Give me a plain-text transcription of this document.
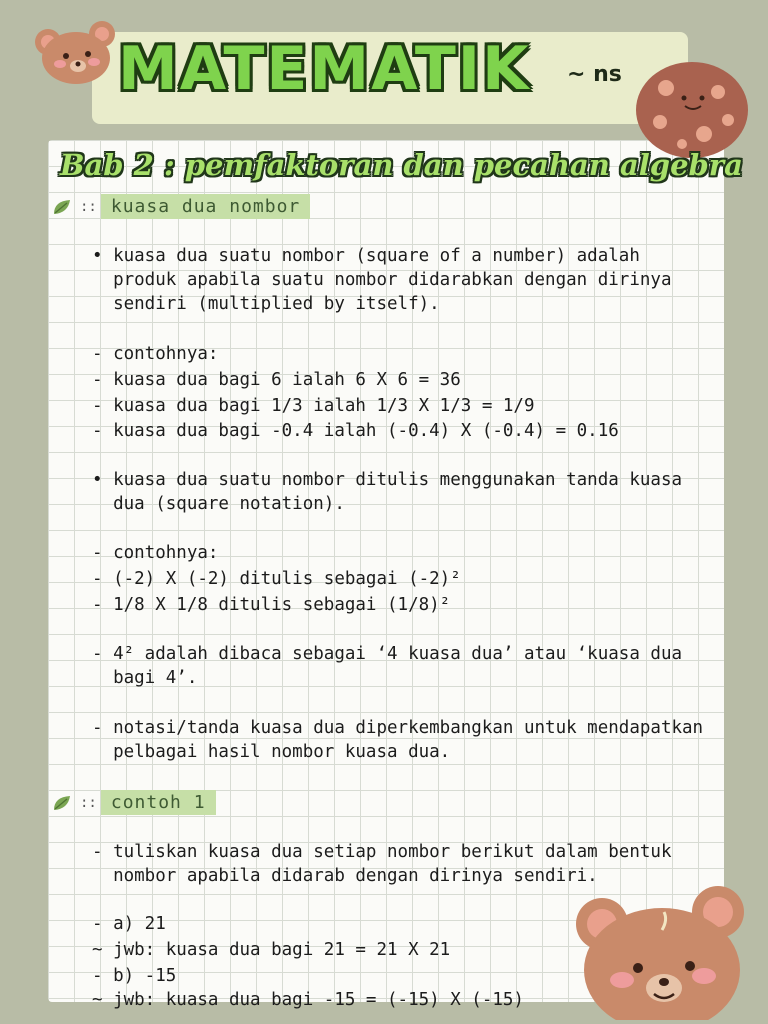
MATEMATIK ~ ns
Bab 2 : pemfaktoran dan pecahan algebra
:: kuasa dua nombor
• kuasa dua suatu nombor (square of a number) adalah
produk apabila suatu nombor didarabkan dengan dirinya
sendiri (multiplied by itself).
- contohnya:
- kuasa dua bagi 6 ialah 6 X 6 = 36
- kuasa dua bagi 1/3 ialah 1/3 X 1/3 = 1/9
- kuasa dua bagi -0.4 ialah (-0.4) X (-0.4) = 0.16
• kuasa dua suatu nombor ditulis menggunakan tanda kuasa
dua (square notation).
- contohnya:
- (-2) X (-2) ditulis sebagai (-2)²
- 1/8 X 1/8 ditulis sebagai (1/8)²
- 4² adalah dibaca sebagai ‘4 kuasa dua’ atau ‘kuasa dua
bagi 4’.
- notasi/tanda kuasa dua diperkembangkan untuk mendapatkan
pelbagai hasil nombor kuasa dua.
:: contoh 1
- tuliskan kuasa dua setiap nombor berikut dalam bentuk
nombor apabila didarab dengan dirinya sendiri.
- a) 21
~ jwb: kuasa dua bagi 21 = 21 X 21
- b) -15
~ jwb: kuasa dua bagi -15 = (-15) X (-15)
